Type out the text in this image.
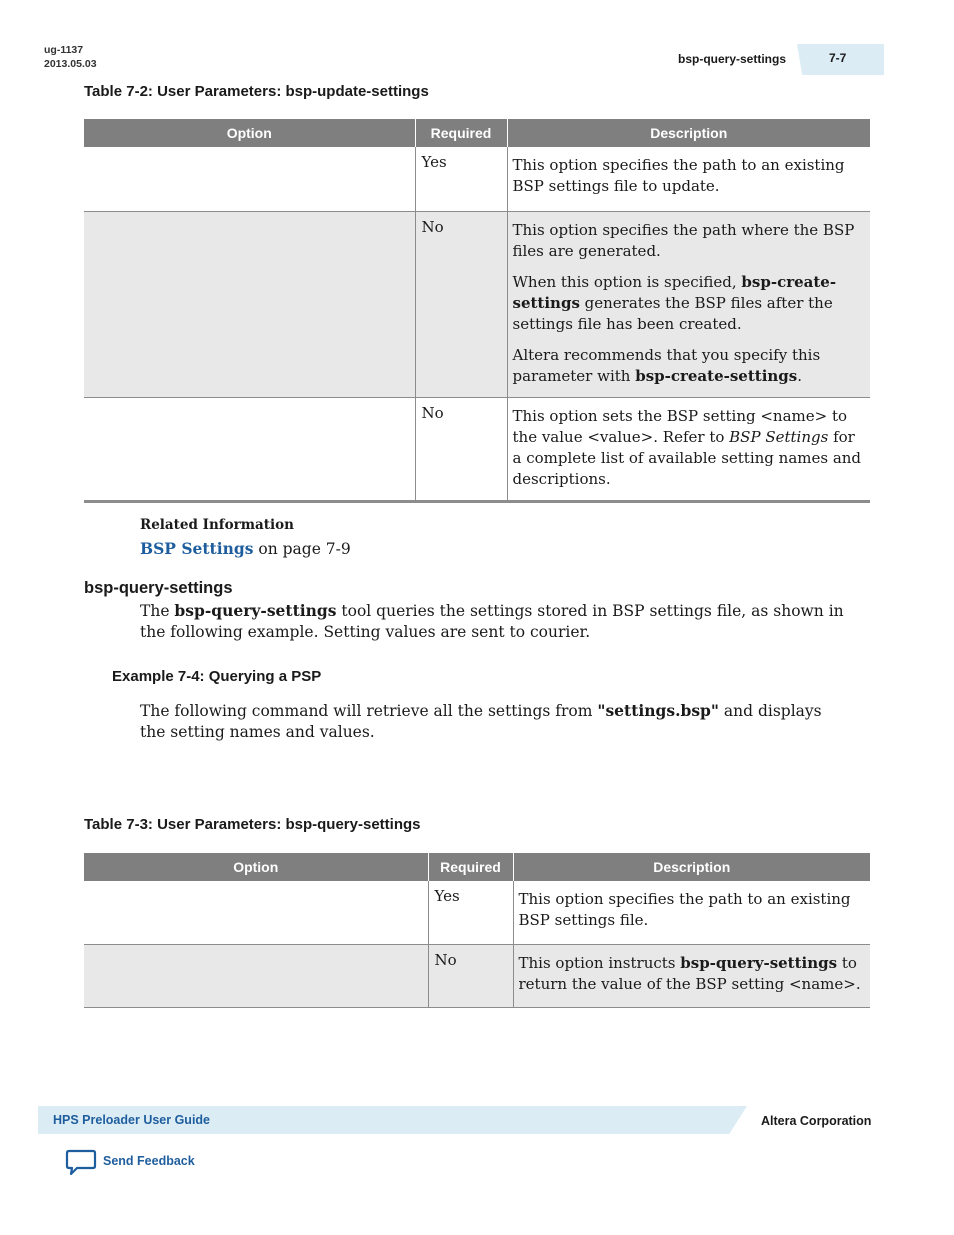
ug-1137
2013.05.03	bsp-query-settings	7-7
Table 7-2: User Parameters: bsp-update-settings
Option	Required	Description
	Yes	This option specifies the path to an existing BSP settings file to update.

	No	This option specifies the path where the BSP files are generated.

When this option is specified, bsp-create-settings generates the BSP files after the settings file has been created.

Altera recommends that you specify this parameter with bsp-create-settings.

	No	This option sets the BSP setting <name> to the value <value>. Refer to BSP Settings for a complete list of available setting names and descriptions.

Related Information
BSP Settings on page 7-9
bsp-query-settings
The bsp-query-settings tool queries the settings stored in BSP settings file, as shown in the following example. Setting values are sent to courier.
Example 7-4: Querying a PSP
The following command will retrieve all the settings from "settings.bsp" and displays the setting names and values.
Table 7-3: User Parameters: bsp-query-settings
Option	Required	Description
	Yes	This option specifies the path to an existing BSP settings file.

	No	This option instructs bsp-query-settings to return the value of the BSP setting <name>.

HPS Preloader User Guide	Altera Corporation
Send Feedback
